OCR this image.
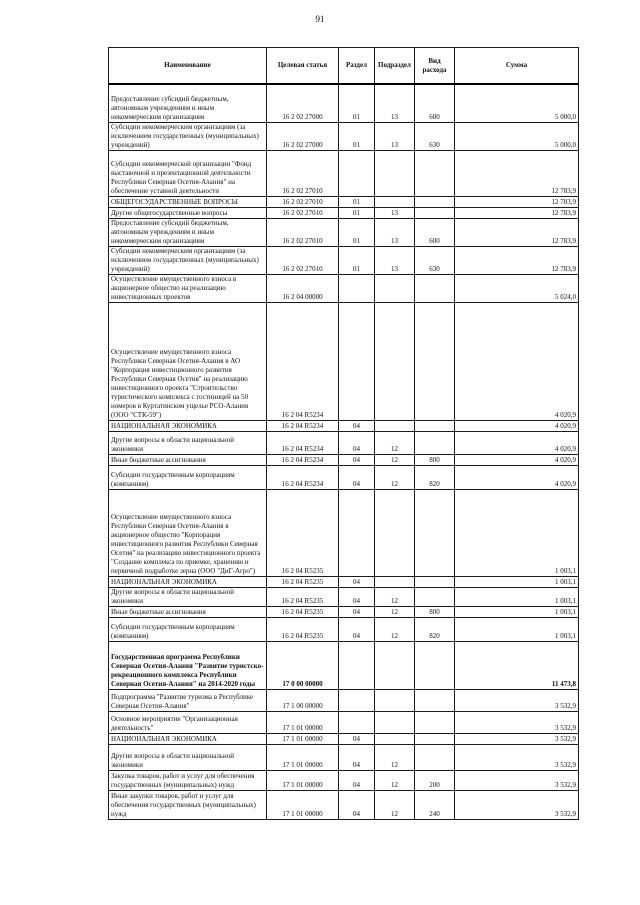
91
Наименование	Целевая статья	Раздел	Подраздел	Вид расхода	Сумма
Предоставление субсидий бюджетным, автономным учреждениям и иным некоммерческим организациям	16 2 02 27000	01	13	600	5 000,0
Субсидии некоммерческим организациям (за исключением государственных (муниципальных) учреждений)	16 2 02 27000	01	13	630	5 000,0
Субсидии некоммерческой организации "Фонд выставочной и презентационной деятельности Республики Северная Осетия-Алания" на обеспечение уставной деятельности	16 2 02 27010				12 783,9
ОБЩЕГОСУДАРСТВЕННЫЕ ВОПРОСЫ	16 2 02 27010	01			12 783,9
Другие общегосударственные вопросы	16 2 02 27010	01	13		12 783,9
Предоставление субсидий бюджетным, автономным учреждениям и иным некоммерческим организациям	16 2 02 27010	01	13	600	12 783,9
Субсидии некоммерческим организациям (за исключением государственных (муниципальных) учреждений)	16 2 02 27010	01	13	630	12 783,9
Осуществление имущественного взноса в акционерное общество на реализацию инвестиционных проектов	16 2 04 00000				5 024,0
Осуществление имущественного взноса Республики Северная Осетия-Алания в АО "Корпорация инвестиционного развития Республики Северная Осетия" на реализацию инвестиционного проекта "Строительство туристического комплекса с гостиницей на 50 номеров в Куртатинском ущелье РСО-Алания (ООО "СТК-59")	16 2 04 R5234				4 020,9
НАЦИОНАЛЬНАЯ ЭКОНОМИКА	16 2 04 R5234	04			4 020,9
Другие вопросы в области национальной экономики	16 2 04 R5234	04	12		4 020,9
Иные бюджетные ассигнования	16 2 04 R5234	04	12	800	4 020,9
Субсидии государственным корпорациям (компаниям)	16 2 04 R5234	04	12	820	4 020,9
Осуществление имущественного взноса Республики Северная Осетия-Алания в акционерное общество "Корпорация инвестиционного развития Республики Северная Осетия" на реализацию инвестиционного проекта "Создание комплекса по приемке, хранению и первичной подработке зерна (ООО "ДиГ-Агро")	16 2 04 R5235				1 003,1
НАЦИОНАЛЬНАЯ ЭКОНОМИКА	16 2 04 R5235	04			1 003,1
Другие вопросы в области национальной экономики	16 2 04 R5235	04	12		1 003,1
Иные бюджетные ассигнования	16 2 04 R5235	04	12	800	1 003,1
Субсидии государственным корпорациям (компаниям)	16 2 04 R5235	04	12	820	1 003,1
Государственная программа Республики Северная Осетия-Алания "Развитие туристско-рекреационного комплекса Республики Северная Осетия-Алания" на 2014-2020 годы	17 0 00 00000				11 473,8
Подпрограмма "Развитие туризма в Республике Северная Осетия-Алания"	17 1 00 00000				3 532,9
Основное мероприятие "Организационная деятельность"	17 1 01 00000				3 532,9
НАЦИОНАЛЬНАЯ ЭКОНОМИКА	17 1 01 00000	04			3 532,9
Другие вопросы в области национальной экономики	17 1 01 00000	04	12		3 532,9
Закупка товаров, работ и услуг для обеспечения государственных (муниципальных) нужд	17 1 01 00000	04	12	200	3 532,9
Иные закупки товаров, работ и услуг для обеспечения государственных (муниципальных) нужд	17 1 01 00000	04	12	240	3 532,9
